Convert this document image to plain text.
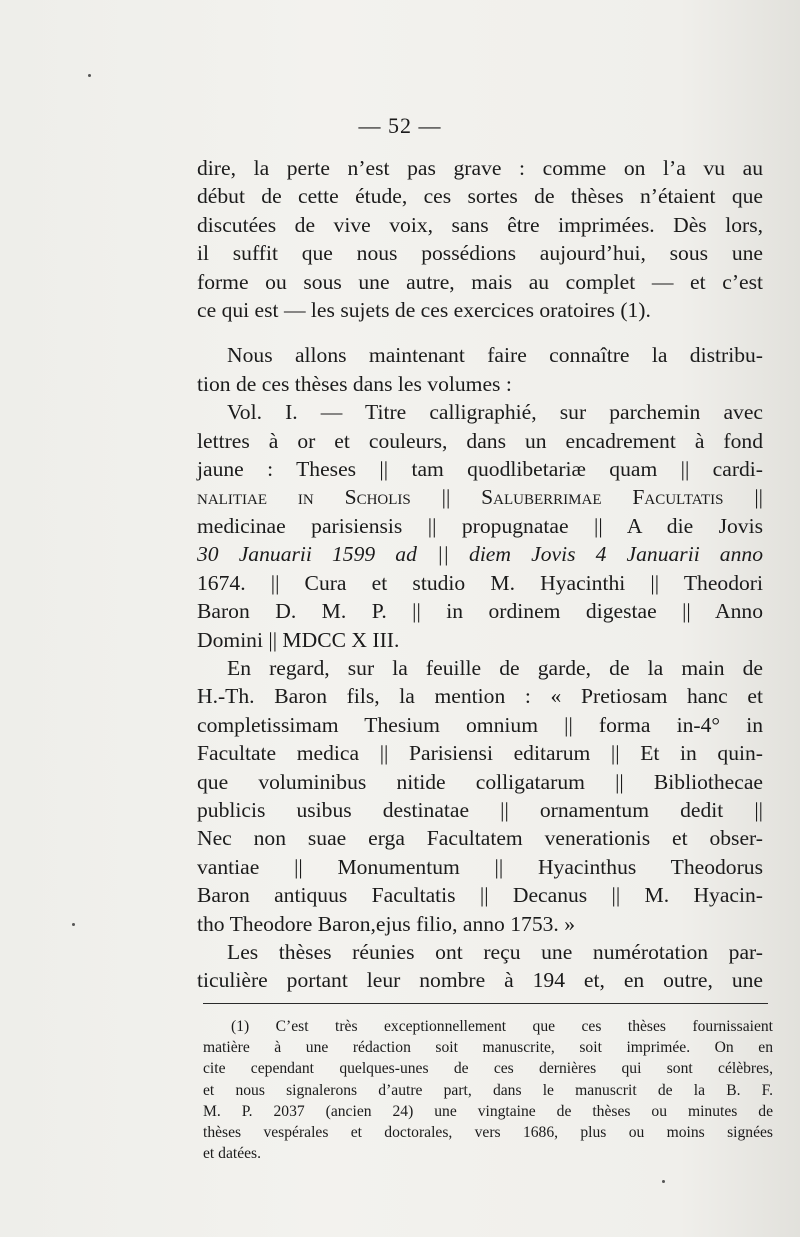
— 52 —

dire, la perte n’est pas grave : comme on l’a vu au

début de cette étude, ces sortes de thèses n’étaient que

discutées de vive voix, sans être imprimées. Dès lors,

il suffit que nous possédions aujourd’hui, sous une

forme ou sous une autre, mais au complet — et c’est

ce qui est — les sujets de ces exercices oratoires (1).

Nous allons maintenant faire connaître la distribu-

tion de ces thèses dans les volumes :

Vol. I. — Titre calligraphié, sur parchemin avec

lettres à or et couleurs, dans un encadrement à fond

jaune : Theses || tam quodlibetariæ quam || cardi-

nalitiae in Scholis || Saluberrimae Facultatis ||

medicinae parisiensis || propugnatae || A die Jovis

30 Januarii 1599 ad || diem Jovis 4 Januarii anno

1674. || Cura et studio M. Hyacinthi || Theodori

Baron D. M. P. || in ordinem digestae || Anno

Domini || MDCC X III.

En regard, sur la feuille de garde, de la main de

H.-Th. Baron fils, la mention : « Pretiosam hanc et

completissimam Thesium omnium || forma in-4° in

Facultate medica || Parisiensi editarum || Et in quin-

que voluminibus nitide colligatarum || Bibliothecae

publicis usibus destinatae || ornamentum dedit ||

Nec non suae erga Facultatem venerationis et obser-

vantiae || Monumentum || Hyacinthus Theodorus

Baron antiquus Facultatis || Decanus || M. Hyacin-

tho Theodore Baron,ejus filio, anno 1753. »

Les thèses réunies ont reçu une numérotation par-

ticulière portant leur nombre à 194 et, en outre, une

(1) C’est très exceptionnellement que ces thèses fournissaient

matière à une rédaction soit manuscrite, soit imprimée. On en

cite cependant quelques-unes de ces dernières qui sont célèbres,

et nous signalerons d’autre part, dans le manuscrit de la B. F.

M. P. 2037 (ancien 24) une vingtaine de thèses ou minutes de

thèses vespérales et doctorales, vers 1686, plus ou moins signées

et datées.
